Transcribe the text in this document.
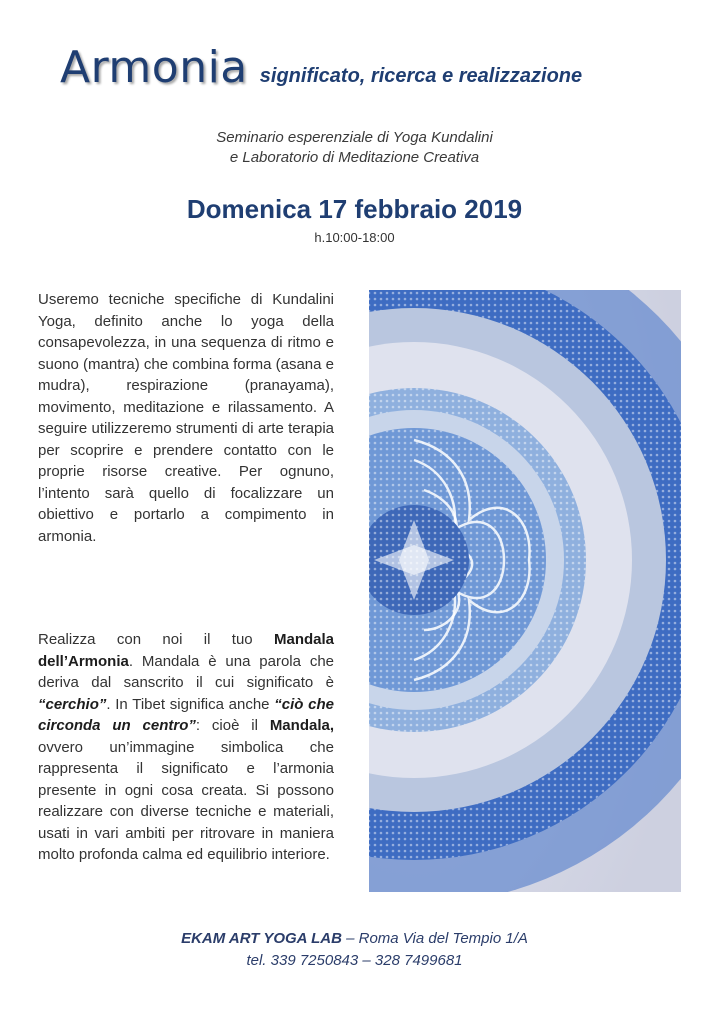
Armonia significato, ricerca e realizzazione
Seminario esperenziale di Yoga Kundalini
e Laboratorio di Meditazione Creativa
Domenica 17 febbraio 2019
h.10:00-18:00
Useremo tecniche specifiche di Kundalini Yoga, definito anche lo yoga della consapevolezza, in una sequenza di ritmo e suono (mantra) che combina forma (asana e mudra), respirazione (pranayama), movimento, meditazione e rilassamento. A seguire utilizzeremo strumenti di arte terapia per scoprire e prendere contatto con le proprie risorse creative. Per ognuno, l’intento sarà quello di focalizzare un obiettivo e portarlo a compimento in armonia.
Realizza con noi il tuo Mandala dell’Armonia. Mandala è una parola che deriva dal sanscrito il cui significato è “cerchio”. In Tibet significa anche “ciò che circonda un centro”: cioè il Mandala, ovvero un’immagine simbolica che rappresenta il significato e l’armonia presente in ogni cosa creata. Si possono realizzare con diverse tecniche e materiali, usati in vari ambiti per ritrovare in maniera molto profonda calma ed equilibrio interiore.
EKAM ART YOGA LAB – Roma Via del Tempio 1/A
tel. 339 7250843 – 328 7499681
